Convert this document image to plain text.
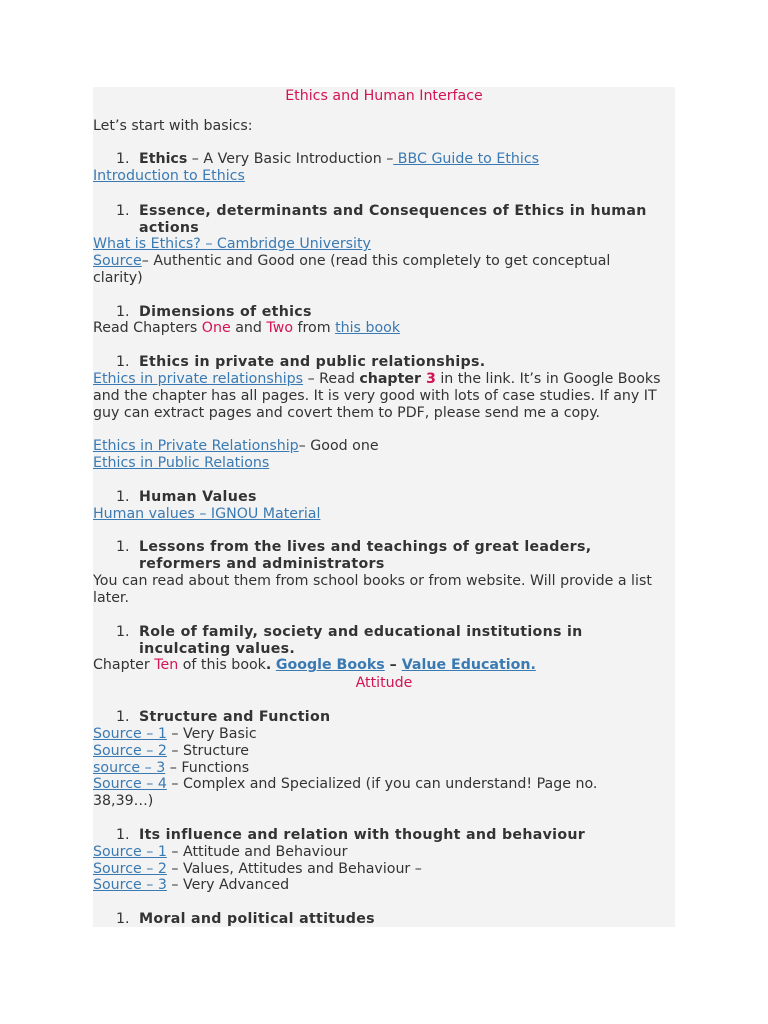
Ethics and Human Interface
Let’s start with basics:
1. Ethics – A Very Basic Introduction – BBC Guide to Ethics
Introduction to Ethics
1. Essence, determinants and Consequences of Ethics in human actions
What is Ethics? – Cambridge University
Source– Authentic and Good one (read this completely to get conceptual clarity)
1. Dimensions of ethics
Read Chapters One and Two from this book
1. Ethics in private and public relationships.
Ethics in private relationships – Read chapter 3 in the link. It’s in Google Books and the chapter has all pages. It is very good with lots of case studies. If any IT guy can extract pages and covert them to PDF, please send me a copy.
Ethics in Private Relationship– Good one
Ethics in Public Relations
1. Human Values
Human values – IGNOU Material
1. Lessons from the lives and teachings of great leaders, reformers and administrators
You can read about them from school books or from website. Will provide a list later.
1. Role of family, society and educational institutions in inculcating values.
Chapter Ten of this book. Google Books – Value Education.
Attitude
1. Structure and Function
Source – 1 – Very Basic
Source – 2 – Structure
source – 3 – Functions
Source – 4 – Complex and Specialized (if you can understand! Page no. 38,39…)
1. Its influence and relation with thought and behaviour
Source – 1 – Attitude and Behaviour
Source – 2 – Values, Attitudes and Behaviour –
Source – 3 – Very Advanced
1. Moral and political attitudes
